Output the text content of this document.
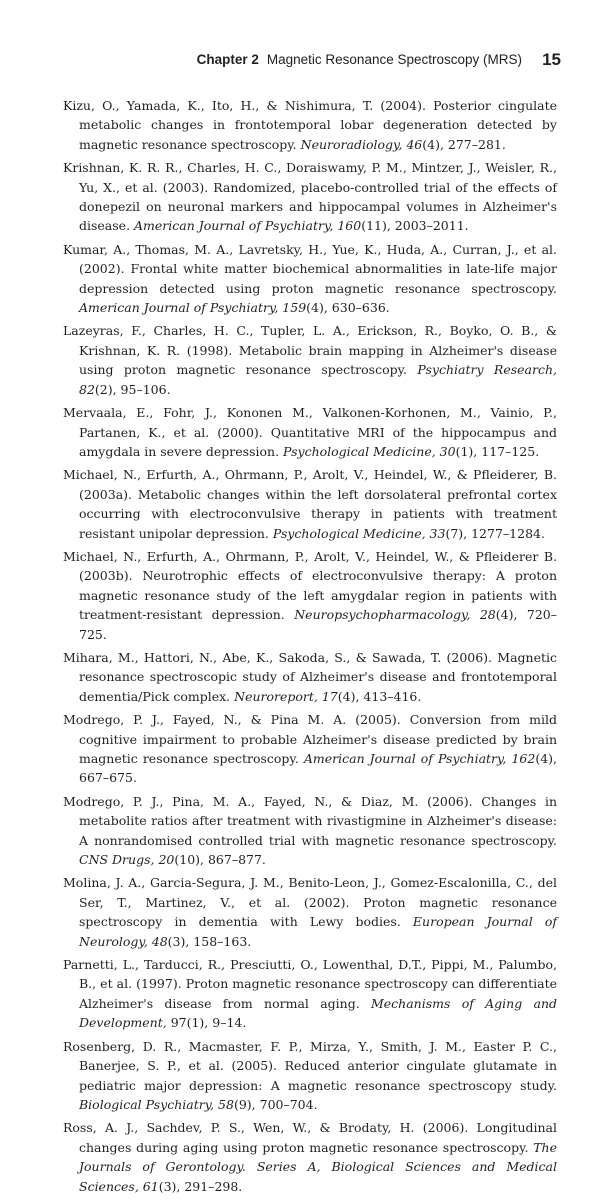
Chapter 2 Magnetic Resonance Spectroscopy (MRS) 15

Kizu, O., Yamada, K., Ito, H., & Nishimura, T. (2004). Posterior cingulate metabolic changes in frontotemporal lobar degeneration detected by magnetic resonance spectroscopy. Neuroradiology, 46(4), 277–281.

Krishnan, K. R. R., Charles, H. C., Doraiswamy, P. M., Mintzer, J., Weisler, R., Yu, X., et al. (2003). Randomized, placebo-controlled trial of the effects of donepezil on neuronal markers and hippocampal volumes in Alzheimer's disease. American Journal of Psychiatry, 160(11), 2003–2011.

Kumar, A., Thomas, M. A., Lavretsky, H., Yue, K., Huda, A., Curran, J., et al. (2002). Frontal white matter biochemical abnormalities in late-life major depression detected using proton magnetic resonance spectroscopy. American Journal of Psychiatry, 159(4), 630–636.

Lazeyras, F., Charles, H. C., Tupler, L. A., Erickson, R., Boyko, O. B., & Krishnan, K. R. (1998). Metabolic brain mapping in Alzheimer's disease using proton magnetic resonance spectroscopy. Psychiatry Research, 82(2), 95–106.

Mervaala, E., Fohr, J., Kononen M., Valkonen-Korhonen, M., Vainio, P., Partanen, K., et al. (2000). Quantitative MRI of the hippocampus and amygdala in severe depression. Psychological Medicine, 30(1), 117–125.

Michael, N., Erfurth, A., Ohrmann, P., Arolt, V., Heindel, W., & Pfleiderer, B. (2003a). Metabolic changes within the left dorsolateral prefrontal cortex occurring with electroconvulsive therapy in patients with treatment resistant unipolar depression. Psychological Medicine, 33(7), 1277–1284.

Michael, N., Erfurth, A., Ohrmann, P., Arolt, V., Heindel, W., & Pfleiderer B. (2003b). Neurotrophic effects of electroconvulsive therapy: A proton magnetic resonance study of the left amygdalar region in patients with treatment-resistant depression. Neuropsychopharmacology, 28(4), 720–725.

Mihara, M., Hattori, N., Abe, K., Sakoda, S., & Sawada, T. (2006). Magnetic resonance spectroscopic study of Alzheimer's disease and frontotemporal dementia/Pick complex. Neuroreport, 17(4), 413–416.

Modrego, P. J., Fayed, N., & Pina M. A. (2005). Conversion from mild cognitive impairment to probable Alzheimer's disease predicted by brain magnetic resonance spectroscopy. American Journal of Psychiatry, 162(4), 667–675.

Modrego, P. J., Pina, M. A., Fayed, N., & Diaz, M. (2006). Changes in metabolite ratios after treatment with rivastigmine in Alzheimer's disease: A nonrandomised controlled trial with magnetic resonance spectroscopy. CNS Drugs, 20(10), 867–877.

Molina, J. A., Garcia-Segura, J. M., Benito-Leon, J., Gomez-Escalonilla, C., del Ser, T., Martinez, V., et al. (2002). Proton magnetic resonance spectroscopy in dementia with Lewy bodies. European Journal of Neurology, 48(3), 158–163.

Parnetti, L., Tarducci, R., Presciutti, O., Lowenthal, D.T., Pippi, M., Palumbo, B., et al. (1997). Proton magnetic resonance spectroscopy can differentiate Alzheimer's disease from normal aging. Mechanisms of Aging and Development, 97(1), 9–14.

Rosenberg, D. R., Macmaster, F. P., Mirza, Y., Smith, J. M., Easter P. C., Banerjee, S. P., et al. (2005). Reduced anterior cingulate glutamate in pediatric major depression: A magnetic resonance spectroscopy study. Biological Psychiatry, 58(9), 700–704.

Ross, A. J., Sachdev, P. S., Wen, W., & Brodaty, H. (2006). Longitudinal changes during aging using proton magnetic resonance spectroscopy. The Journals of Gerontology. Series A, Biological Sciences and Medical Sciences, 61(3), 291–298.
